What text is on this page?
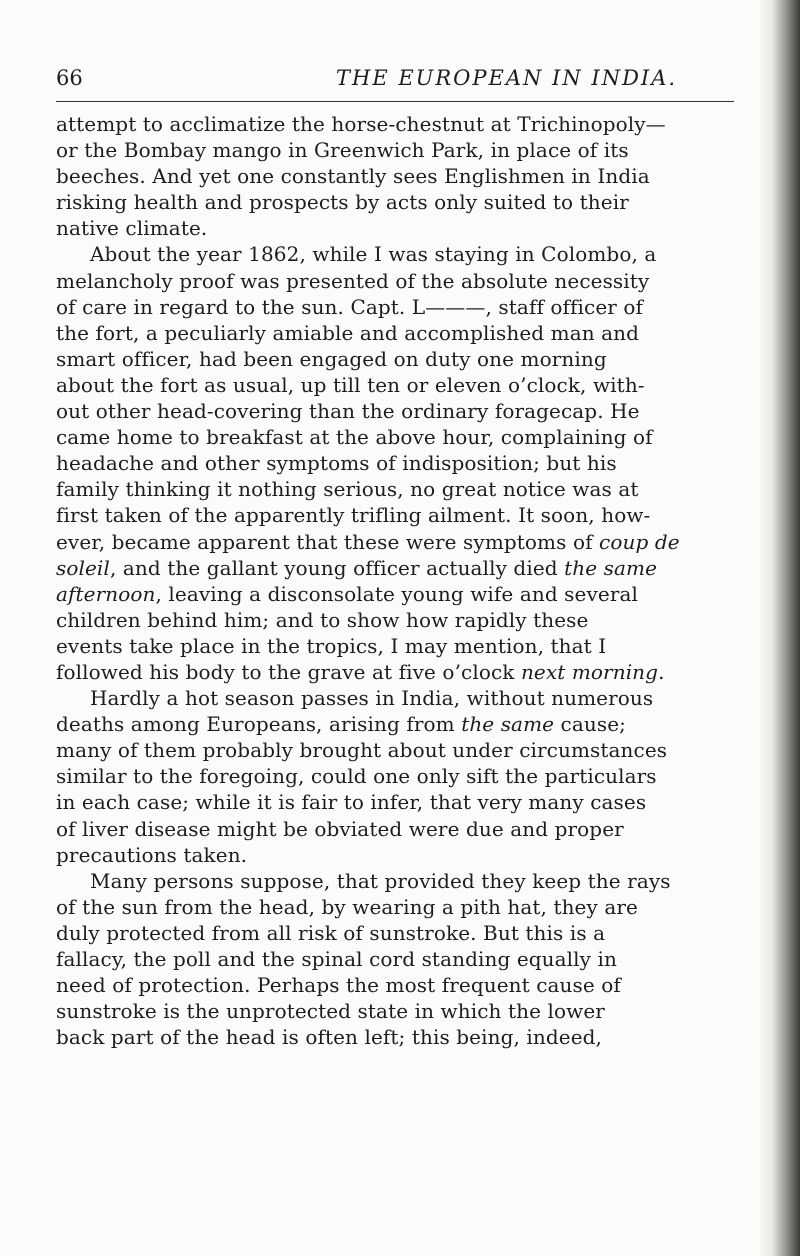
66	THE EUROPEAN IN INDIA.
attempt to acclimatize the horse-chestnut at Trichinopoly—
or the Bombay mango in Greenwich Park, in place of its
beeches. And yet one constantly sees Englishmen in India
risking health and prospects by acts only suited to their
native climate.
About the year 1862, while I was staying in Colombo, a
melancholy proof was presented of the absolute necessity
of care in regard to the sun. Capt. L———, staff officer of
the fort, a peculiarly amiable and accomplished man and
smart officer, had been engaged on duty one morning
about the fort as usual, up till ten or eleven o’clock, with-
out other head-covering than the ordinary foragecap. He
came home to breakfast at the above hour, complaining of
headache and other symptoms of indisposition; but his
family thinking it nothing serious, no great notice was at
first taken of the apparently trifling ailment. It soon, how-
ever, became apparent that these were symptoms of coup de
soleil, and the gallant young officer actually died the same
afternoon, leaving a disconsolate young wife and several
children behind him; and to show how rapidly these
events take place in the tropics, I may mention, that I
followed his body to the grave at five o’clock next morning.
Hardly a hot season passes in India, without numerous
deaths among Europeans, arising from the same cause;
many of them probably brought about under circumstances
similar to the foregoing, could one only sift the particulars
in each case; while it is fair to infer, that very many cases
of liver disease might be obviated were due and proper
precautions taken.
Many persons suppose, that provided they keep the rays
of the sun from the head, by wearing a pith hat, they are
duly protected from all risk of sunstroke. But this is a
fallacy, the poll and the spinal cord standing equally in
need of protection. Perhaps the most frequent cause of
sunstroke is the unprotected state in which the lower
back part of the head is often left; this being, indeed,
